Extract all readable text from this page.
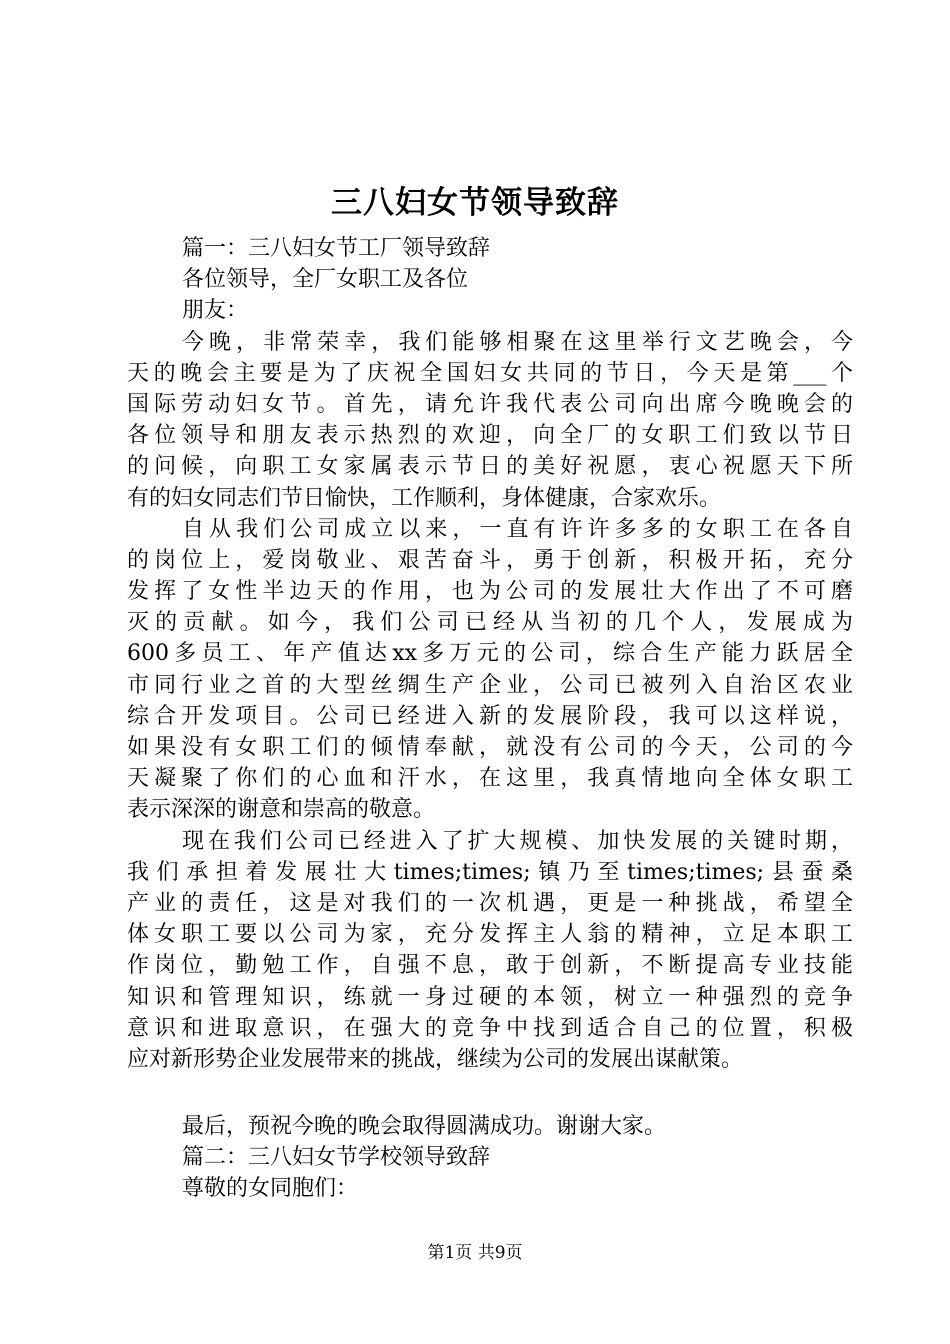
三八妇女节领导致辞
篇一：三八妇女节工厂领导致辞
各位领导，全厂女职工及各位
朋友：
今晚，非常荣幸，我们能够相聚在这里举行文艺晚会，今
天的晚会主要是为了庆祝全国妇女共同的节日，今天是第___个
国际劳动妇女节。首先，请允许我代表公司向出席今晚晚会的
各位领导和朋友表示热烈的欢迎，向全厂的女职工们致以节日
的问候，向职工女家属表示节日的美好祝愿，衷心祝愿天下所
有的妇女同志们节日愉快，工作顺利，身体健康，合家欢乐。
自从我们公司成立以来，一直有许许多多的女职工在各自
的岗位上，爱岗敬业、艰苦奋斗，勇于创新，积极开拓，充分
发挥了女性半边天的作用，也为公司的发展壮大作出了不可磨
灭的贡献。如今，我们公司已经从当初的几个人，发展成为
600多员工、年产值达xx多万元的公司，综合生产能力跃居全
市同行业之首的大型丝绸生产企业，公司已被列入自治区农业
综合开发项目。公司已经进入新的发展阶段，我可以这样说，
如果没有女职工们的倾情奉献，就没有公司的今天，公司的今
天凝聚了你们的心血和汗水，在这里，我真情地向全体女职工
表示深深的谢意和崇高的敬意。
现在我们公司已经进入了扩大规模、加快发展的关键时期，
我们承担着发展壮大times;times;镇乃至times;times;县蚕桑
产业的责任，这是对我们的一次机遇，更是一种挑战，希望全
体女职工要以公司为家，充分发挥主人翁的精神，立足本职工
作岗位，勤勉工作，自强不息，敢于创新，不断提高专业技能
知识和管理知识，练就一身过硬的本领，树立一种强烈的竞争
意识和进取意识，在强大的竞争中找到适合自己的位置，积极
应对新形势企业发展带来的挑战，继续为公司的发展出谋献策。
最后，预祝今晚的晚会取得圆满成功。谢谢大家。
篇二：三八妇女节学校领导致辞
尊敬的女同胞们：
第1页 共9页
